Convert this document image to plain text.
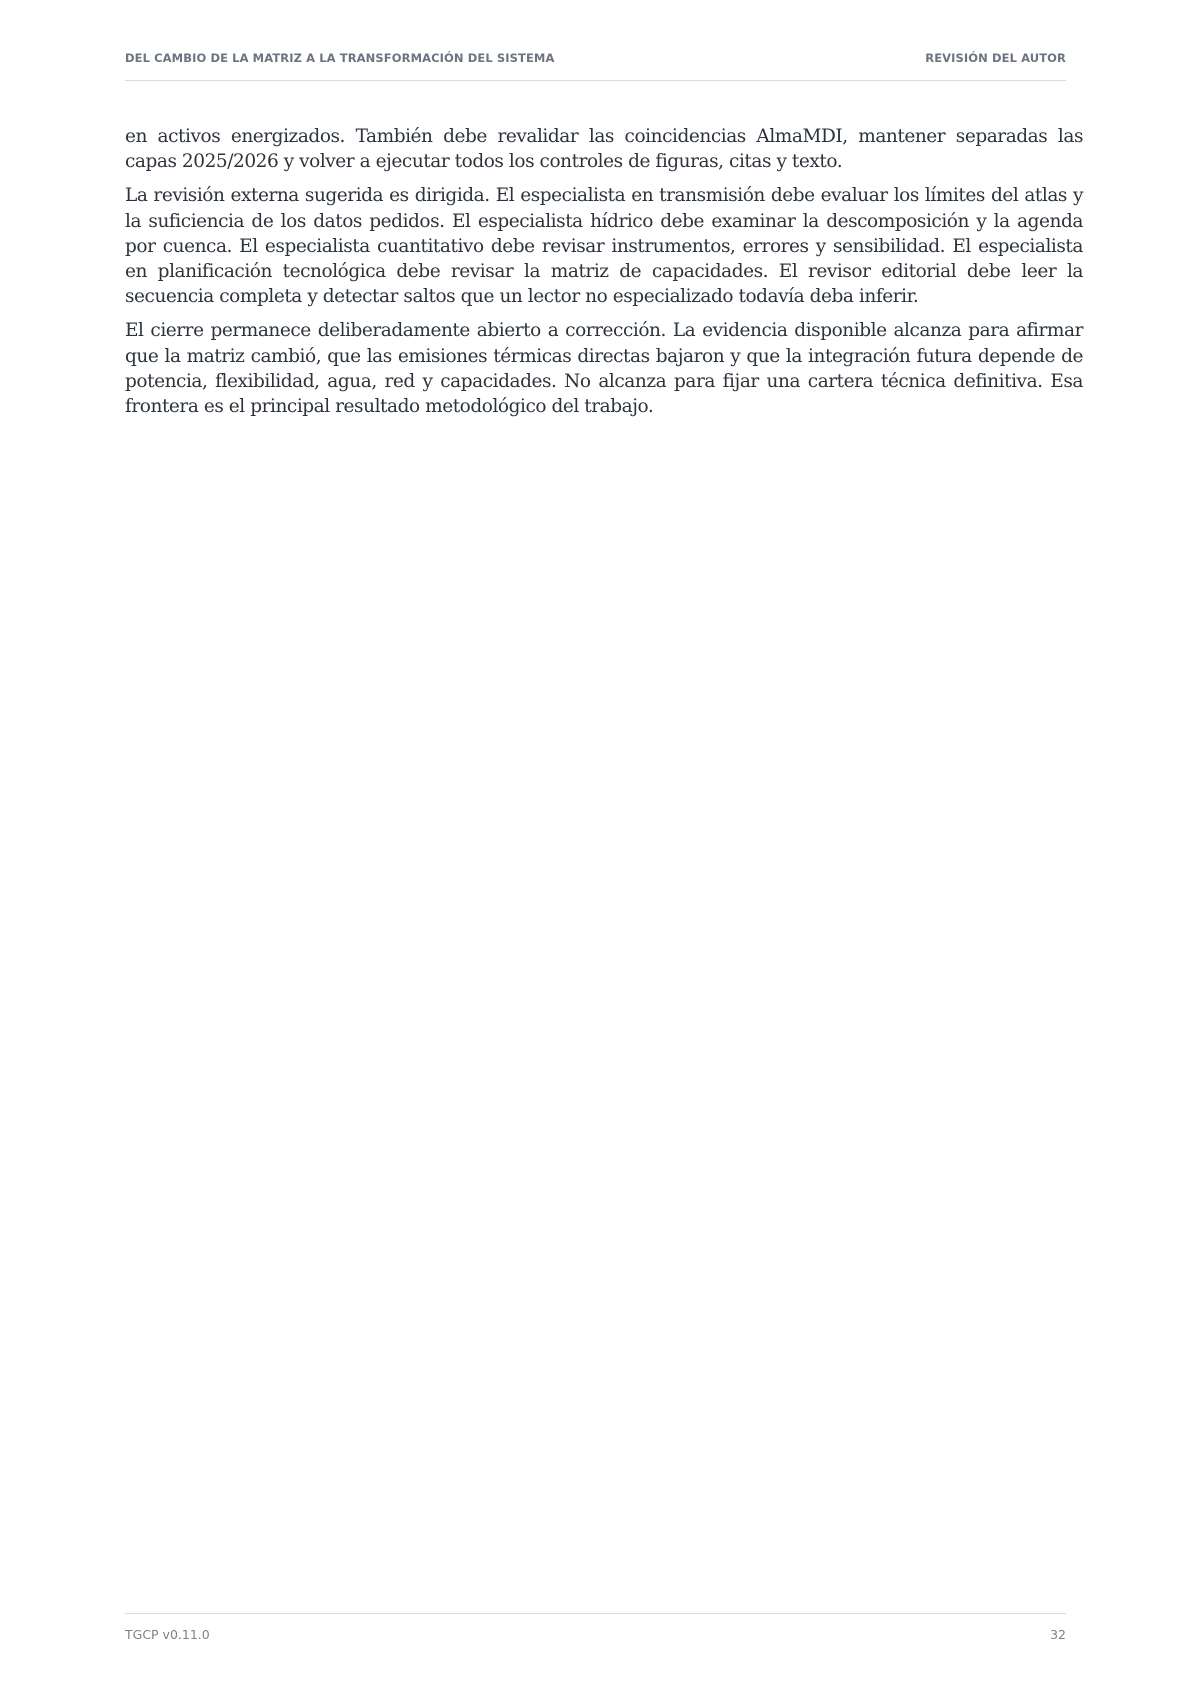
DEL CAMBIO DE LA MATRIZ A LA TRANSFORMACIÓN DEL SISTEMA	REVISIÓN DEL AUTOR

en activos energizados. También debe revalidar las coincidencias AlmaMDI, mantener separadas las capas 2025/2026 y volver a ejecutar todos los controles de figuras, citas y texto.

La revisión externa sugerida es dirigida. El especialista en transmisión debe evaluar los límites del atlas y la suficiencia de los datos pedidos. El especialista hídrico debe examinar la descomposición y la agenda por cuenca. El especialista cuantitativo debe revisar instrumentos, errores y sensibilidad. El especialista en planificación tecnológica debe revisar la matriz de capacidades. El revisor editorial debe leer la secuencia completa y detectar saltos que un lector no especializado todavía deba inferir.

El cierre permanece deliberadamente abierto a corrección. La evidencia disponible alcanza para afirmar que la matriz cambió, que las emisiones térmicas directas bajaron y que la integración futura depende de potencia, flexibilidad, agua, red y capacidades. No alcanza para fijar una cartera técnica definitiva. Esa frontera es el principal resultado metodológico del trabajo.

TGCP v0.11.0	32
